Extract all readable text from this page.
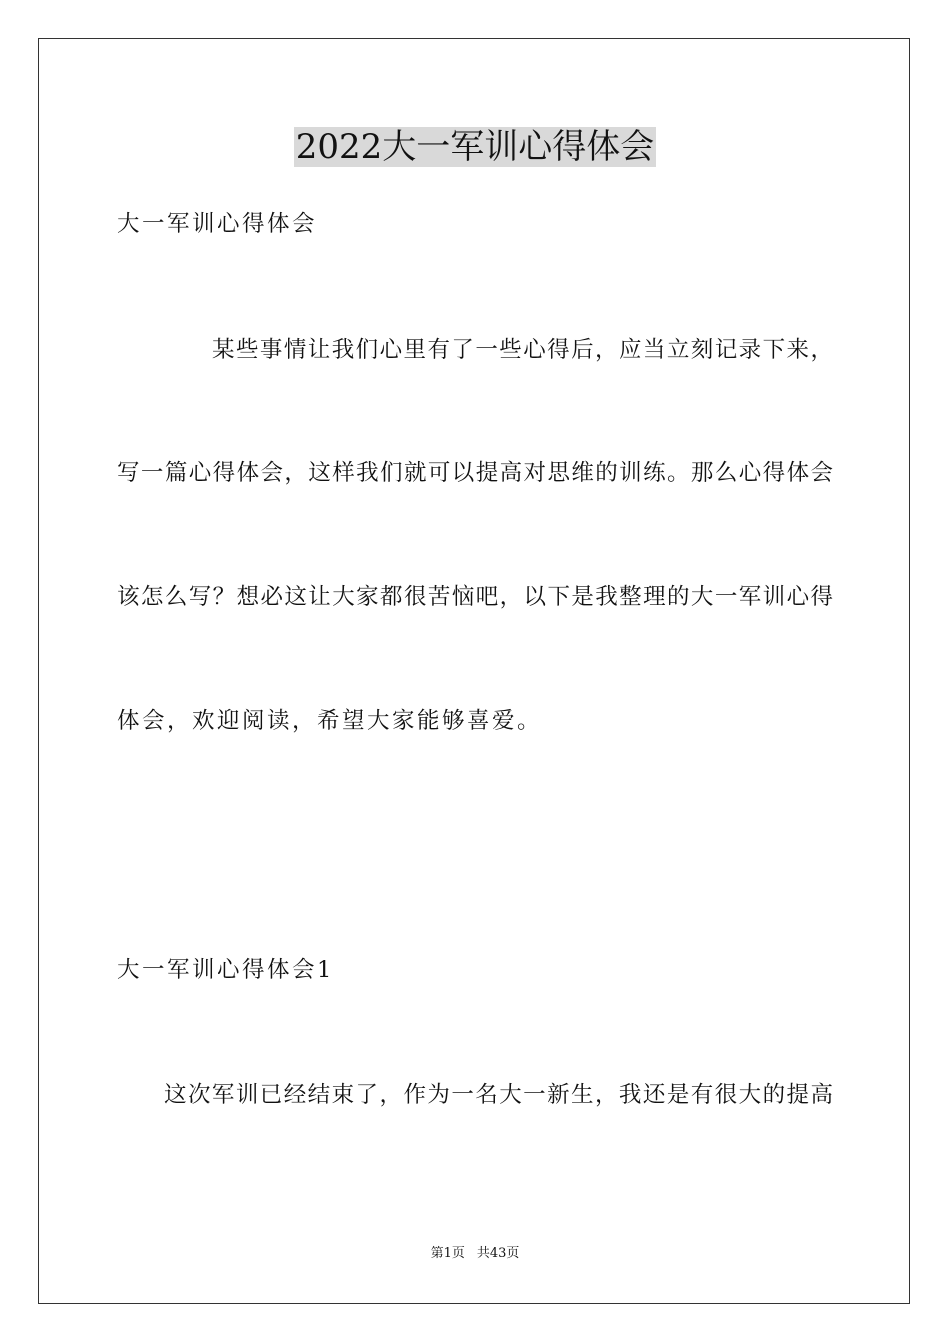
2022大一军训心得体会
大一军训心得体会
某些事情让我们心里有了一些心得后，应当立刻记录下来，
写一篇心得体会，这样我们就可以提高对思维的训练。那么心得体会
该怎么写？想必这让大家都很苦恼吧，以下是我整理的大一军训心得
体会，欢迎阅读，希望大家能够喜爱。
大一军训心得体会1
这次军训已经结束了，作为一名大一新生，我还是有很大的提高
第1页 共43页
